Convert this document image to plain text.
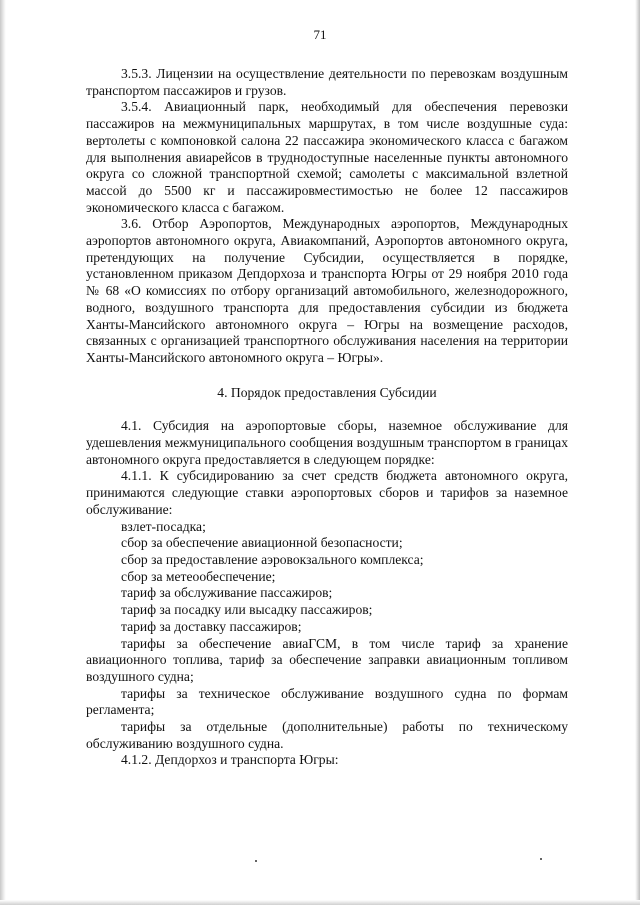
71

3.5.3. Лицензии на осуществление деятельности по перевозкам воздушным транспортом пассажиров и грузов.

3.5.4. Авиационный парк, необходимый для обеспечения перевозки пассажиров на межмуниципальных маршрутах, в том числе воздушные суда: вертолеты с компоновкой салона 22 пассажира экономического класса с багажом для выполнения авиарейсов в труднодоступные населенные пункты автономного округа со сложной транспортной схемой; самолеты с максимальной взлетной массой до 5500 кг и пассажировместимостью не более 12 пассажиров экономического класса с багажом.

3.6. Отбор Аэропортов, Международных аэропортов, Международных аэропортов автономного округа, Авиакомпаний, Аэропортов автономного округа, претендующих на получение Субсидии, осуществляется в порядке, установленном приказом Депдорхоза и транспорта Югры от 29 ноября 2010 года № 68 «О комиссиях по отбору организаций автомобильного, железнодорожного, водного, воздушного транспорта для предоставления субсидии из бюджета Ханты-Мансийского автономного округа – Югры на возмещение расходов, связанных с организацией транспортного обслуживания населения на территории Ханты-Мансийского автономного округа – Югры».

4. Порядок предоставления Субсидии

4.1. Субсидия на аэропортовые сборы, наземное обслуживание для удешевления межмуниципального сообщения воздушным транспортом в границах автономного округа предоставляется в следующем порядке:

4.1.1. К субсидированию за счет средств бюджета автономного округа, принимаются следующие ставки аэропортовых сборов и тарифов за наземное обслуживание:

взлет-посадка;

сбор за обеспечение авиационной безопасности;

сбор за предоставление аэровокзального комплекса;

сбор за метеообеспечение;

тариф за обслуживание пассажиров;

тариф за посадку или высадку пассажиров;

тариф за доставку пассажиров;

тарифы за обеспечение авиаГСМ, в том числе тариф за хранение авиационного топлива, тариф за обеспечение заправки авиационным топливом воздушного судна;

тарифы за техническое обслуживание воздушного судна по формам регламента;

тарифы за отдельные (дополнительные) работы по техническому обслуживанию воздушного судна.

4.1.2. Депдорхоз и транспорта Югры:
